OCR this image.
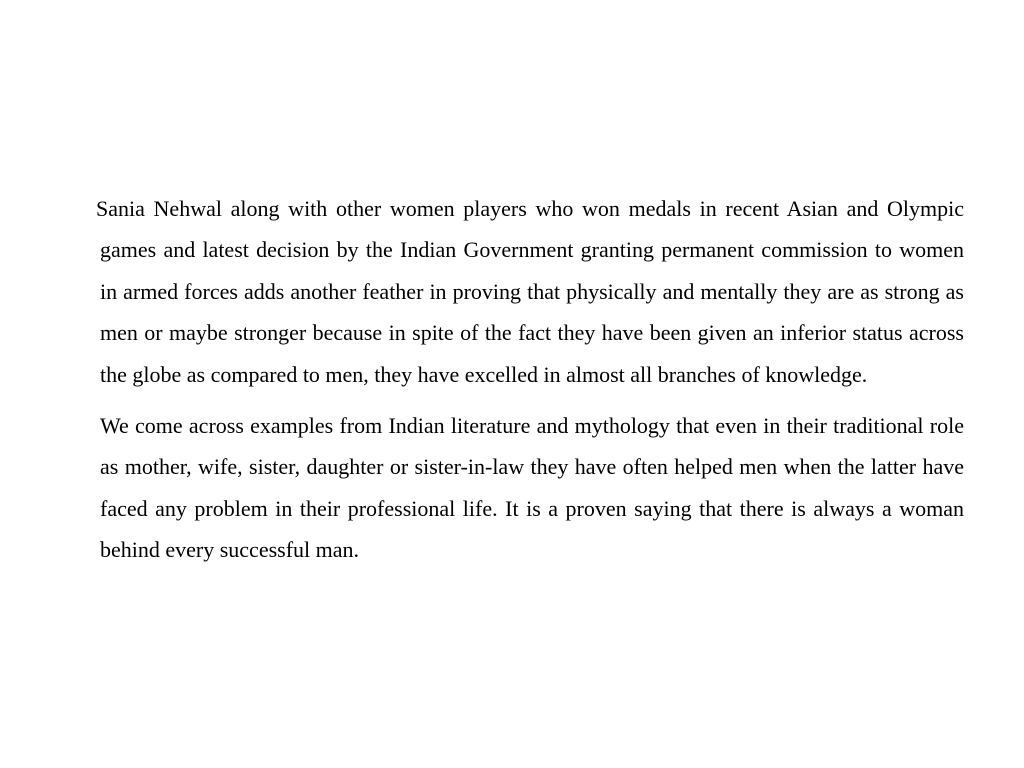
Sania Nehwal along with other women players who won medals in recent Asian and Olympic games and latest decision by the Indian Government granting permanent commission to women in armed forces adds another feather in proving that physically and mentally they are as strong as men or maybe stronger because in spite of the fact they have been given an inferior status across the globe as compared to men, they have excelled in almost all branches of knowledge.

We come across examples from Indian literature and mythology that even in their traditional role as mother, wife, sister, daughter or sister-in-law they have often helped men when the latter have faced any problem in their professional life. It is a proven saying that there is always a woman behind every successful man.
